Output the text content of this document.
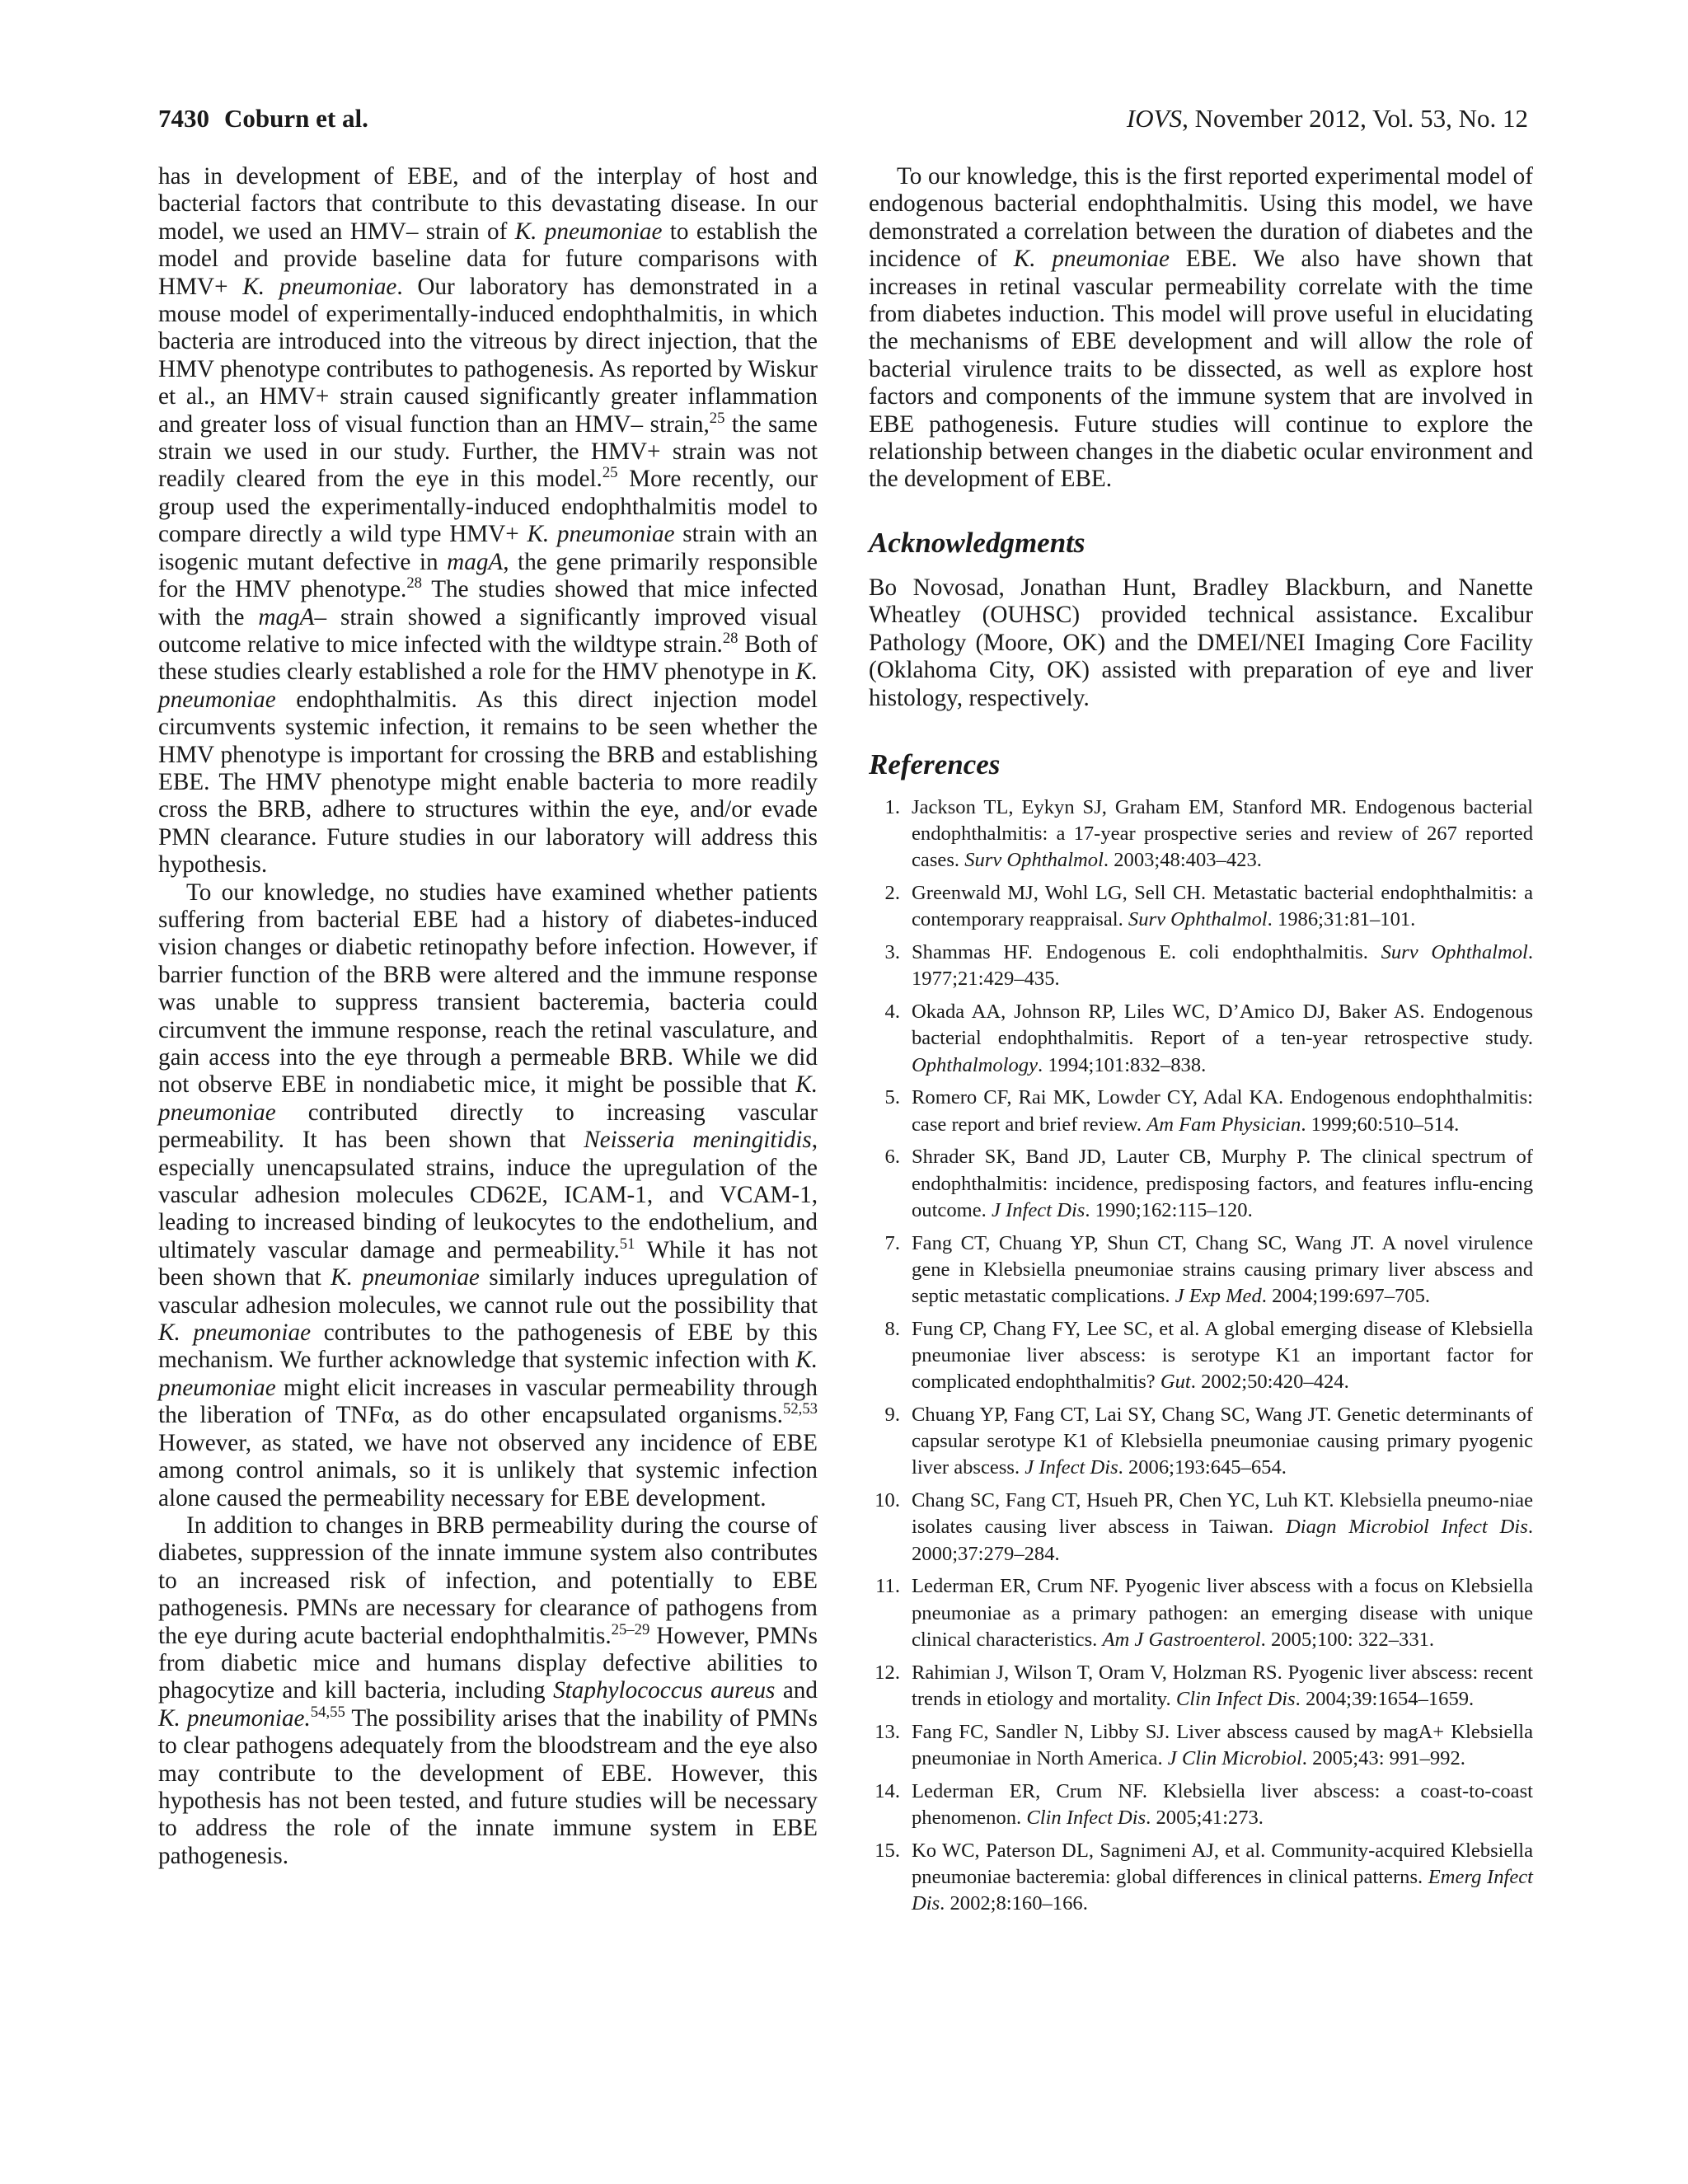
7430 Coburn et al.	IOVS, November 2012, Vol. 53, No. 12

has in development of EBE, and of the interplay of host and bacterial factors that contribute to this devastating disease. In our model, we used an HMV– strain of K. pneumoniae to establish the model and provide baseline data for future comparisons with HMV+ K. pneumoniae. Our laboratory has demonstrated in a mouse model of experimentally-induced endophthalmitis, in which bacteria are introduced into the vitreous by direct injection, that the HMV phenotype contributes to pathogenesis. As reported by Wiskur et al., an HMV+ strain caused significantly greater inflammation and greater loss of visual function than an HMV– strain,$^{25}$ the same strain we used in our study. Further, the HMV+ strain was not readily cleared from the eye in this model.$^{25}$ More recently, our group used the experimentally-induced endophthalmitis model to compare directly a wild type HMV+ K. pneumoniae strain with an isogenic mutant defective in magA, the gene primarily responsible for the HMV phenotype.$^{28}$ The studies showed that mice infected with the magA– strain showed a significantly improved visual outcome relative to mice infected with the wildtype strain.$^{28}$ Both of these studies clearly established a role for the HMV phenotype in K. pneumoniae endophthalmitis. As this direct injection model circumvents systemic infection, it remains to be seen whether the HMV phenotype is important for crossing the BRB and establishing EBE. The HMV phenotype might enable bacteria to more readily cross the BRB, adhere to structures within the eye, and/or evade PMN clearance. Future studies in our laboratory will address this hypothesis.

To our knowledge, no studies have examined whether patients suffering from bacterial EBE had a history of diabetes-induced vision changes or diabetic retinopathy before infection. However, if barrier function of the BRB were altered and the immune response was unable to suppress transient bacteremia, bacteria could circumvent the immune response, reach the retinal vasculature, and gain access into the eye through a permeable BRB. While we did not observe EBE in nondiabetic mice, it might be possible that K. pneumoniae contributed directly to increasing vascular permeability. It has been shown that Neisseria meningitidis, especially unencapsulated strains, induce the upregulation of the vascular adhesion molecules CD62E, ICAM-1, and VCAM-1, leading to increased binding of leukocytes to the endothelium, and ultimately vascular damage and permeability.$^{51}$ While it has not been shown that K. pneumoniae similarly induces upregulation of vascular adhesion molecules, we cannot rule out the possibility that K. pneumoniae contributes to the pathogenesis of EBE by this mechanism. We further acknowledge that systemic infection with K. pneumoniae might elicit increases in vascular permeability through the liberation of TNFα, as do other encapsulated organisms.$^{52,53}$ However, as stated, we have not observed any incidence of EBE among control animals, so it is unlikely that systemic infection alone caused the permeability necessary for EBE development.

In addition to changes in BRB permeability during the course of diabetes, suppression of the innate immune system also contributes to an increased risk of infection, and potentially to EBE pathogenesis. PMNs are necessary for clearance of pathogens from the eye during acute bacterial endophthalmitis.$^{25-29}$ However, PMNs from diabetic mice and humans display defective abilities to phagocytize and kill bacteria, including Staphylococcus aureus and K. pneumoniae.$^{54,55}$ The possibility arises that the inability of PMNs to clear pathogens adequately from the bloodstream and the eye also may contribute to the development of EBE. However, this hypothesis has not been tested, and future studies will be necessary to address the role of the innate immune system in EBE pathogenesis.

To our knowledge, this is the first reported experimental model of endogenous bacterial endophthalmitis. Using this model, we have demonstrated a correlation between the duration of diabetes and the incidence of K. pneumoniae EBE. We also have shown that increases in retinal vascular permeability correlate with the time from diabetes induction. This model will prove useful in elucidating the mechanisms of EBE development and will allow the role of bacterial virulence traits to be dissected, as well as explore host factors and components of the immune system that are involved in EBE pathogenesis. Future studies will continue to explore the relationship between changes in the diabetic ocular environment and the development of EBE.

Acknowledgments

Bo Novosad, Jonathan Hunt, Bradley Blackburn, and Nanette Wheatley (OUHSC) provided technical assistance. Excalibur Pathology (Moore, OK) and the DMEI/NEI Imaging Core Facility (Oklahoma City, OK) assisted with preparation of eye and liver histology, respectively.

References
1. Jackson TL, Eykyn SJ, Graham EM, Stanford MR. Endogenous bacterial endophthalmitis: a 17-year prospective series and review of 267 reported cases. Surv Ophthalmol. 2003;48:403–423.
2. Greenwald MJ, Wohl LG, Sell CH. Metastatic bacterial endophthalmitis: a contemporary reappraisal. Surv Ophthalmol. 1986;31:81–101.
3. Shammas HF. Endogenous E. coli endophthalmitis. Surv Ophthalmol. 1977;21:429–435.
4. Okada AA, Johnson RP, Liles WC, D’Amico DJ, Baker AS. Endogenous bacterial endophthalmitis. Report of a ten-year retrospective study. Ophthalmology. 1994;101:832–838.
5. Romero CF, Rai MK, Lowder CY, Adal KA. Endogenous endophthalmitis: case report and brief review. Am Fam Physician. 1999;60:510–514.
6. Shrader SK, Band JD, Lauter CB, Murphy P. The clinical spectrum of endophthalmitis: incidence, predisposing factors, and features influ-encing outcome. J Infect Dis. 1990;162:115–120.
7. Fang CT, Chuang YP, Shun CT, Chang SC, Wang JT. A novel virulence gene in Klebsiella pneumoniae strains causing primary liver abscess and septic metastatic complications. J Exp Med. 2004;199:697–705.
8. Fung CP, Chang FY, Lee SC, et al. A global emerging disease of Klebsiella pneumoniae liver abscess: is serotype K1 an important factor for complicated endophthalmitis? Gut. 2002;50:420–424.
9. Chuang YP, Fang CT, Lai SY, Chang SC, Wang JT. Genetic determinants of capsular serotype K1 of Klebsiella pneumoniae causing primary pyogenic liver abscess. J Infect Dis. 2006;193:645–654.
10. Chang SC, Fang CT, Hsueh PR, Chen YC, Luh KT. Klebsiella pneumo-niae isolates causing liver abscess in Taiwan. Diagn Microbiol Infect Dis. 2000;37:279–284.
11. Lederman ER, Crum NF. Pyogenic liver abscess with a focus on Klebsiella pneumoniae as a primary pathogen: an emerging disease with unique clinical characteristics. Am J Gastroenterol. 2005;100: 322–331.
12. Rahimian J, Wilson T, Oram V, Holzman RS. Pyogenic liver abscess: recent trends in etiology and mortality. Clin Infect Dis. 2004;39:1654–1659.
13. Fang FC, Sandler N, Libby SJ. Liver abscess caused by magA+ Klebsiella pneumoniae in North America. J Clin Microbiol. 2005;43: 991–992.
14. Lederman ER, Crum NF. Klebsiella liver abscess: a coast-to-coast phenomenon. Clin Infect Dis. 2005;41:273.
15. Ko WC, Paterson DL, Sagnimeni AJ, et al. Community-acquired Klebsiella pneumoniae bacteremia: global differences in clinical patterns. Emerg Infect Dis. 2002;8:160–166.
